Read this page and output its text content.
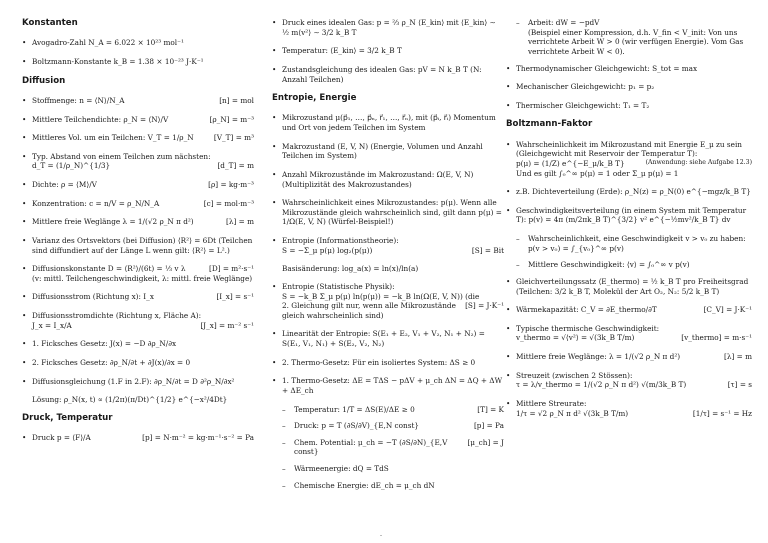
Konstanten
• Avogadro-Zahl N_A = 6.022 × 10²³ mol⁻¹
• Boltzmann-Konstante k_B = 1.38 × 10⁻²³ J·K⁻¹
Diffusion
• Stoffmenge: n = ⟨N⟩/N_A	[n] = mol
• Mittlere Teilchendichte: ρ_N = ⟨N⟩/V	[ρ_N] = m⁻³
• Mittleres Vol. um ein Teilchen: V_T = 1/ρ_N	[V_T] = m³
• Typ. Abstand von einem Teilchen zum nächsten:
d_T = (1/ρ_N)^{1/3}	[d_T] = m
• Dichte: ρ = ⟨M⟩/V	[ρ] = kg·m⁻³
• Konzentration: c = n/V = ρ_N/N_A	[c] = mol·m⁻³
• Mittlere freie Weglänge λ = 1/(√2 ρ_N π d²)	[λ] = m
• Varianz des Ortsvektors (bei Diffusion) ⟨R²⟩ = 6Dt (Teilchen sind diffundiert auf der Länge L wenn gilt: ⟨R²⟩ = L².)
• Diffusionskonstante D = ⟨R²⟩/(6t) = ⅓ v λ	[D] = m²·s⁻¹
(v: mittl. Teilchengeschwindigkeit, λ: mittl. freie Weglänge)
• Diffusionsstrom (Richtung x): I_x	[I_x] = s⁻¹
• Diffusionsstromdichte (Richtung x, Fläche A):
J_x = I_x/A	[J_x] = m⁻² s⁻¹
• 1. Ficksches Gesetz: J(x) = −D ∂ρ_N/∂x
• 2. Ficksches Gesetz: ∂ρ_N/∂t + ∂J(x)/∂x = 0
• Diffusionsgleichung (1.F in 2.F): ∂ρ_N/∂t = D ∂²ρ_N/∂x²
Lösung: ρ_N(x, t) ∝ (1/2π)(π/Dt)^{1/2} e^{−x²/4Dt}
Druck, Temperatur
• Druck p = ⟨F⟩/A	[p] = N·m⁻² = kg·m⁻¹·s⁻² = Pa
• Druck eines idealen Gas: p = ⅔ ρ_N ⟨E_kin⟩ mit ⟨E_kin⟩ ∼ ½ m⟨v²⟩ ∼ 3/2 k_B T
• Temperatur: ⟨E_kin⟩ = 3/2 k_B T
• Zustandsgleichung des idealen Gas: pV = N k_B T (N: Anzahl Teilchen)
Entropie, Energie
• Mikrozustand μ(p⃗₁, …, p⃗ₙ, r⃗₁, …, r⃗ₙ), mit (p⃗ᵢ, r⃗ᵢ) Momentum und Ort von jedem Teilchen im System
• Makrozustand (E, V, N) (Energie, Volumen und Anzahl Teilchen im System)
• Anzahl Mikrozustände im Makrozustand: Ω(E, V, N) (Multiplizität des Makrozustandes)
• Wahrscheinlichkeit eines Mikrozustandes: p(μ). Wenn alle Mikrozustände gleich wahrscheinlich sind, gilt dann p(μ) = 1/Ω(E, V, N) (Würfel-Beispiel!)
• Entropie (Informationstheorie):
S = −Σ_μ p(μ) log₂(p(μ))	[S] = Bit
Basisänderung: log_a(x) = ln(x)/ln(a)
• Entropie (Statistische Physik):
S = −k_B Σ_μ p(μ) ln(p(μ)) = −k_B ln(Ω(E, V, N)) (die
2. Gleichung gilt nur, wenn alle Mikrozustände gleich wahrscheinlich sind)
[S] = J·K⁻¹
• Linearität der Entropie: S(E₁ + E₂, V₁ + V₂, N₁ + N₂) = S(E₁, V₁, N₁) + S(E₂, V₂, N₂)
• 2. Thermo-Gesetz: Für ein isoliertes System: ΔS ≥ 0
• 1. Thermo-Gesetz: ΔE = TΔS − pΔV + μ_ch ΔN = ΔQ + ΔW + ΔE_ch
– Temperatur: 1/T = ΔS(E)/ΔE ≥ 0	[T] = K
– Druck: p = T (∂S/∂V)_{E,N const}	[p] = Pa
– Chem. Potential: μ_ch = −T (∂S/∂N)_{E,V const}
[μ_ch] = J
– Wärmeenergie: dQ = TdS
– Chemische Energie: dE_ch = μ_ch dN
– Arbeit: dW = −pdV
(Beispiel einer Kompression, d.h. V_fin < V_init: Von uns verrichtete Arbeit W > 0 (wir verfügen Energie). Vom Gas verrichtete Arbeit W < 0).
• Thermodynamischer Gleichgewicht: S_tot = max
• Mechanischer Gleichgewicht: p₁ = p₂
• Thermischer Gleichgewicht: T₁ = T₂
Boltzmann-Faktor
• Wahrscheinlichkeit im Mikrozustand mit Energie E_μ zu sein (Gleichgewicht mit Reservoir der Temperatur T):
p(μ) = (1/Z) e^{−E_μ/k_B T}	(Anwendung: siehe Aufgabe 12.3)
Und es gilt ∫₀^∞ p(μ) = 1 oder Σ_μ p(μ) = 1
• z.B. Dichteverteilung (Erde): ρ_N(z) = ρ_N(0) e^{−mgz/k_B T}
• Geschwindigkeitsverteilung (in einem System mit Temperatur T): p(v) = 4π (m/2πk_B T)^{3/2} v² e^{−½mv²/k_B T} dv
– Wahrscheinlichkeit, eine Geschwindigkeit v > v₀ zu haben: p(v > v₀) = ∫_{v₀}^∞ p(v)
– Mittlere Geschwindigkeit: ⟨v⟩ = ∫₀^∞ v p(v)
• Gleichverteilungssatz ⟨E_thermo⟩ = ½ k_B T pro Freiheitsgrad
(Teilchen: 3/2 k_B T, Molekül der Art O₂, N₂: 5/2 k_B T)
• Wärmekapazität: C_V = ∂E_thermo/∂T	[C_V] = J·K⁻¹
• Typische thermische Geschwindigkeit:
v_thermo = √⟨v²⟩ = √(3k_B T/m)	[v_thermo] = m·s⁻¹
• Mittlere freie Weglänge: λ = 1/(√2 ρ_N π d²)	[λ] = m
• Streuzeit (zwischen 2 Stössen):
τ = λ/v_thermo = 1/(√2 ρ_N π d²) √(m/3k_B T)	[τ] = s
• Mittlere Streurate:
1/τ = √2 ρ_N π d² √(3k_B T/m)	[1/τ] = s⁻¹ = Hz
-
